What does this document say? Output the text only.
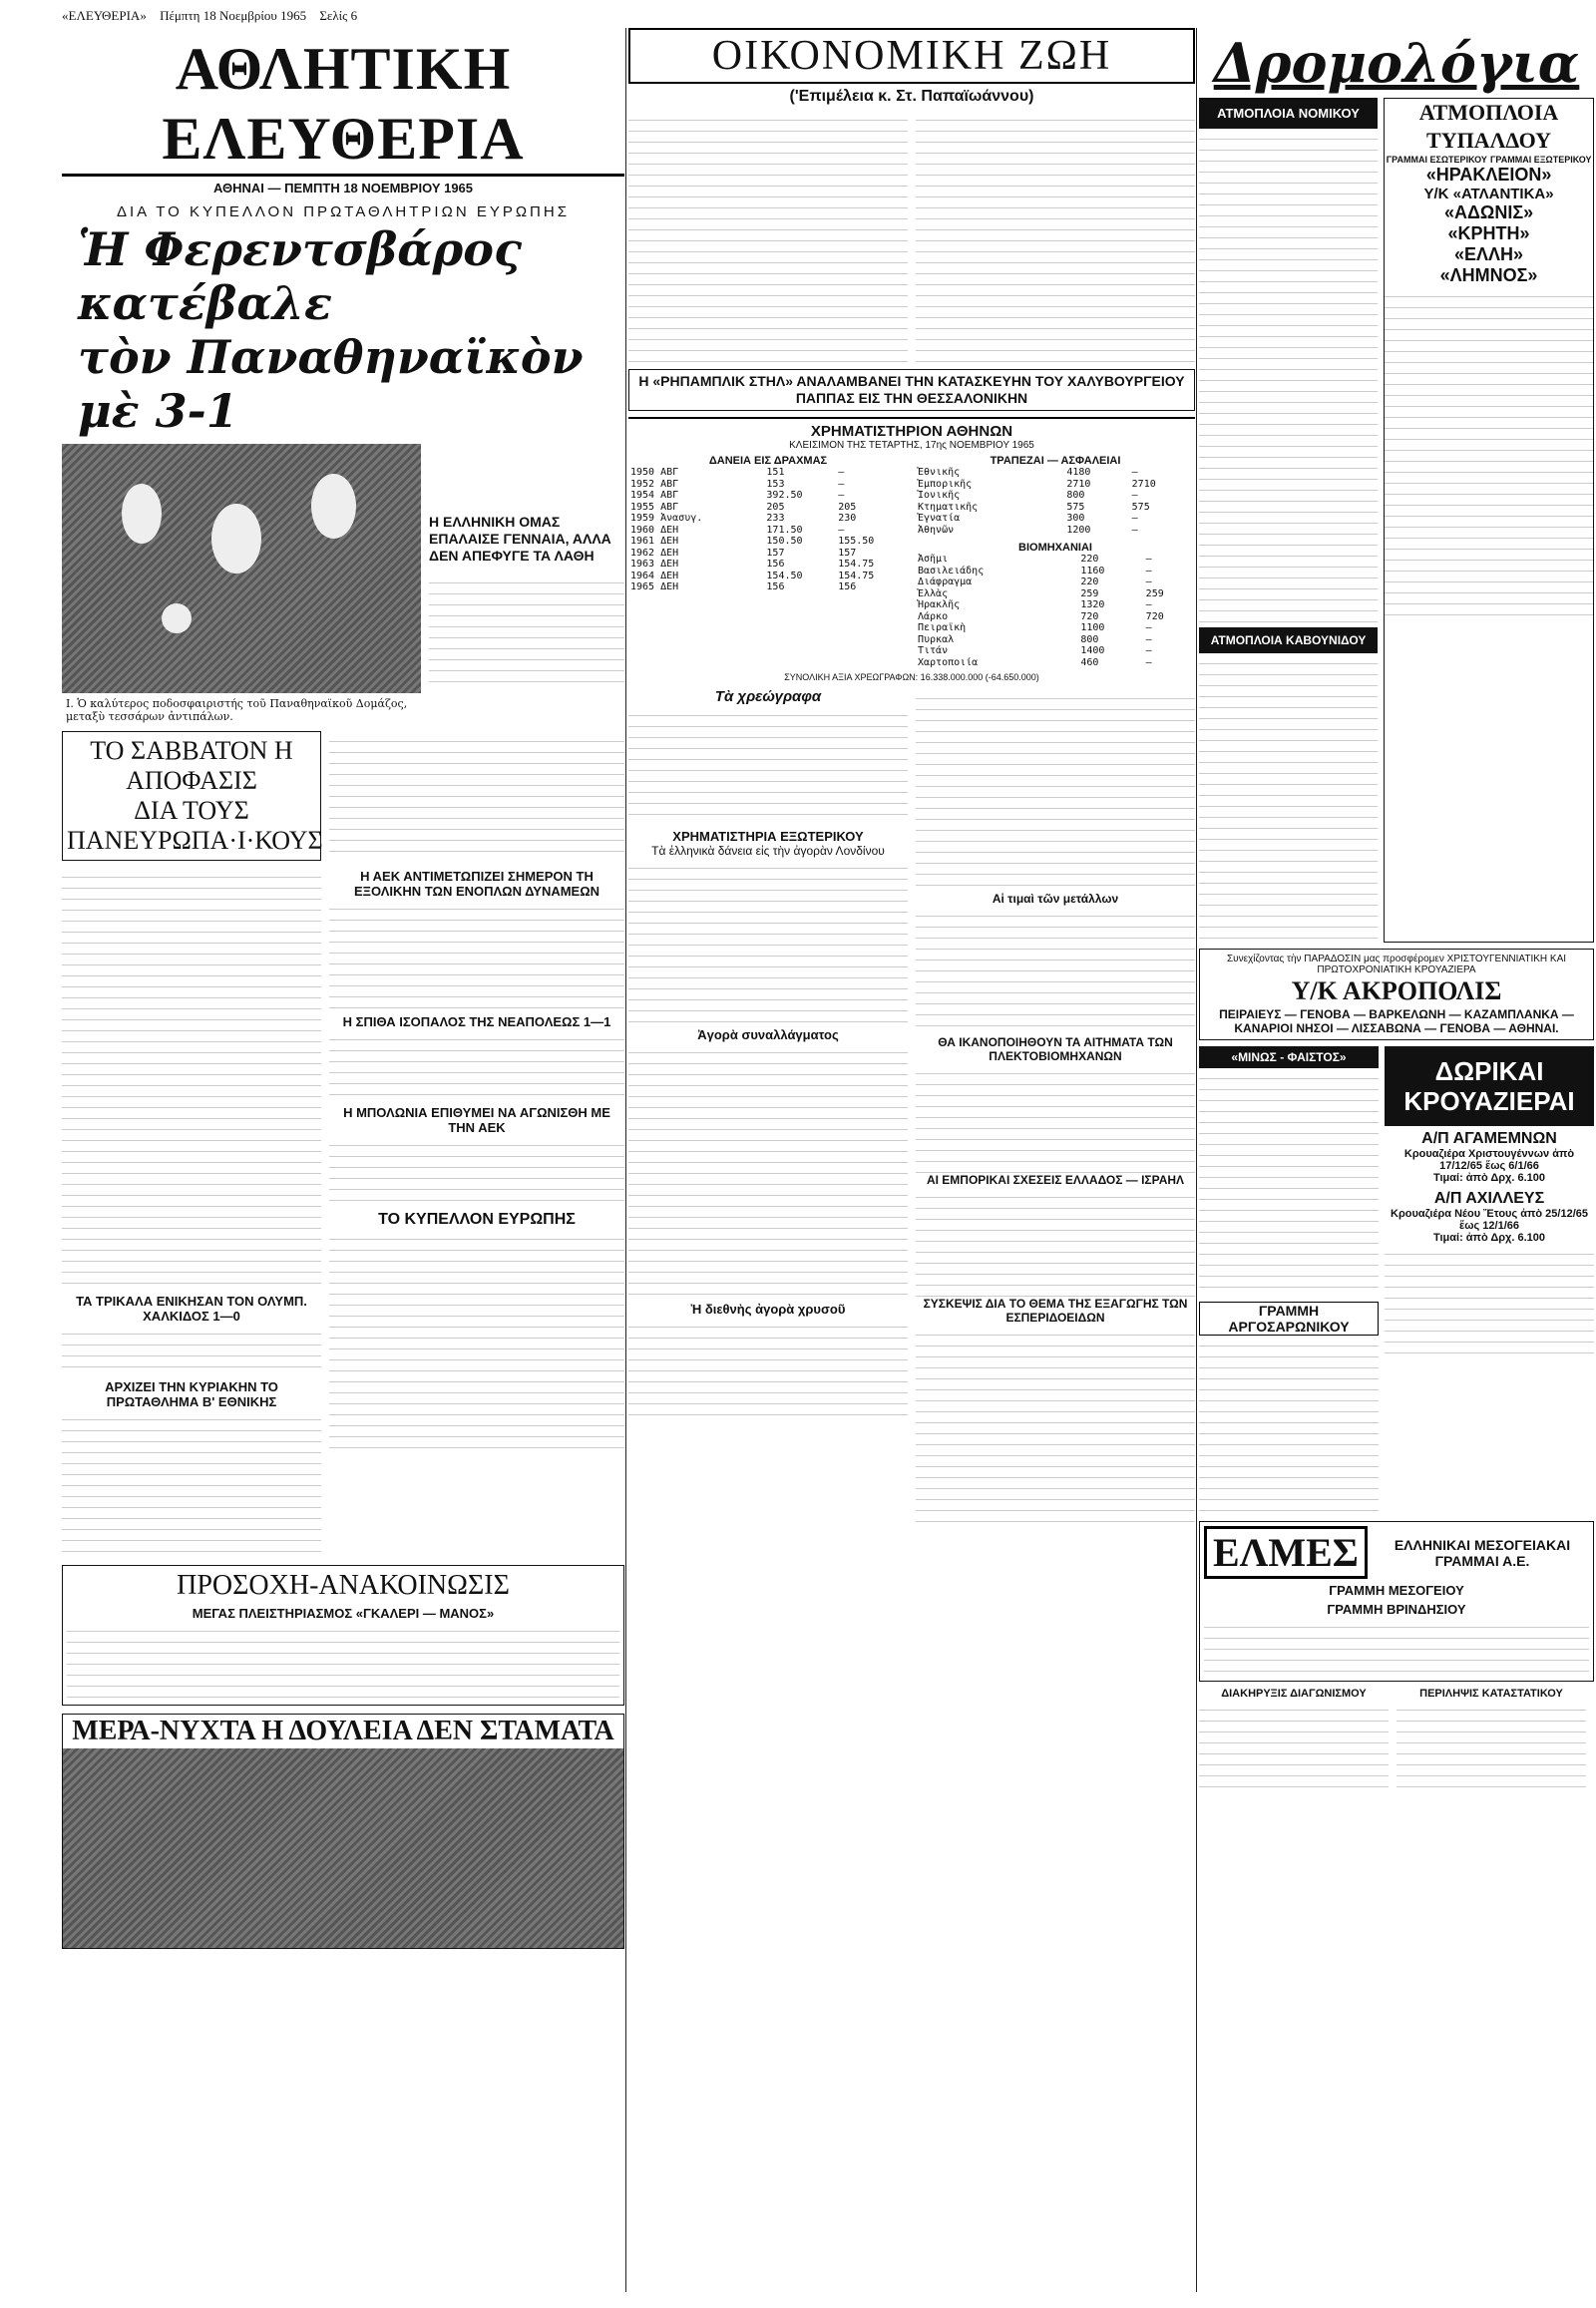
«ΕΛΕΥΘΕΡΙΑ» Πέμπτη 18 Νοεμβρίου 1965 Σελίς 6
ΑΘΛΗΤΙΚΗ ΕΛΕΥΘΕΡΙΑ
ΑΘΗΝΑΙ — ΠΕΜΠΤΗ 18 ΝΟΕΜΒΡΙΟΥ 1965
ΔΙΑ ΤΟ ΚΥΠΕΛΛΟΝ ΠΡΩΤΑΘΛΗΤΡΙΩΝ ΕΥΡΩΠΗΣ
Ἡ Φερεντσβάρος κατέβαλε
τὸν Παναθηναϊκὸν μὲ 3-1
Ι. Ὁ καλύτερος ποδοσφαιριστής τοῦ Παναθηναϊκοῦ Δομάζος, μεταξὺ τεσσάρων ἀντιπάλων.
Η ΕΛΛΗΝΙΚΗ ΟΜΑΣ ΕΠΑΛΑΙΣΕ ΓΕΝΝΑΙΑ, ΑΛΛΑ ΔΕΝ ΑΠΕΦΥΓΕ ΤΑ ΛΑΘΗ
ΤΟ ΣΑΒΒΑΤΟΝ Η ΑΠΟΦΑΣΙΣ
ΔΙΑ ΤΟΥΣ ΠΑΝΕΥΡΩΠΑ·Ι·ΚΟΥΣ
ΤΑ ΤΡΙΚΑΛΑ ΕΝΙΚΗΣΑΝ ΤΟΝ ΟΛΥΜΠ. ΧΑΛΚΙΔΟΣ 1—0
ΑΡΧΙΖΕΙ ΤΗΝ ΚΥΡΙΑΚΗΝ ΤΟ ΠΡΩΤΑΘΛΗΜΑ Β' ΕΘΝΙΚΗΣ
Η ΑΕΚ ΑΝΤΙΜΕΤΩΠΙΖΕΙ ΣΗΜΕΡΟΝ ΤΗ ΕΞΟΛΙΚΗΝ ΤΩΝ ΕΝΟΠΛΩΝ ΔΥΝΑΜΕΩΝ
Η ΣΠΙΘΑ ΙΣΟΠΑΛΟΣ ΤΗΣ ΝΕΑΠΟΛΕΩΣ 1—1
Η ΜΠΟΛΩΝΙΑ ΕΠΙΘΥΜΕΙ ΝΑ ΑΓΩΝΙΣΘΗ ΜΕ ΤΗΝ ΑΕΚ
ΤΟ ΚΥΠΕΛΛΟΝ ΕΥΡΩΠΗΣ
ΠΡΟΣΟΧΗ-ΑΝΑΚΟΙΝΩΣΙΣ
ΜΕΓΑΣ ΠΛΕΙΣΤΗΡΙΑΣΜΟΣ «ΓΚΑΛΕΡΙ — ΜΑΝΟΣ»
ΜΕΡΑ-ΝΥΧΤΑ Η ΔΟΥΛΕΙΑ ΔΕΝ ΣΤΑΜΑΤΑ
ΟΙΚΟΝΟΜΙΚΗ ΖΩΗ
('Επιμέλεια κ. Στ. Παπαϊωάννου)
Η «ΡΗΠΑΜΠΛΙΚ ΣΤΗΛ» ΑΝΑΛΑΜΒΑΝΕΙ ΤΗΝ ΚΑΤΑΣΚΕΥΗΝ ΤΟΥ ΧΑΛΥΒΟΥΡΓΕΙΟΥ ΠΑΠΠΑΣ ΕΙΣ ΤΗΝ ΘΕΣΣΑΛΟΝΙΚΗΝ
ΧΡΗΜΑΤΙΣΤΗΡΙΟΝ ΑΘΗΝΩΝ
ΚΛΕΙΣΙΜΟΝ ΤΗΣ ΤΕΤΑΡΤΗΣ, 17ης ΝΟΕΜΒΡΙΟΥ 1965
ΔΑΝΕΙΑ ΕΙΣ ΔΡΑΧΜΑΣ
1950 ΑΒΓ	151	—
1952 ΑΒΓ	153	—
1954 ΑΒΓ	392.50	—
1955 ΑΒΓ	205	205
1959 Ἀνασυγ.	233	230
1960 ΔΕΗ	171.50	—
1961 ΔΕΗ	150.50	155.50
1962 ΔΕΗ	157	157
1963 ΔΕΗ	156	154.75
1964 ΔΕΗ	154.50	154.75
1965 ΔΕΗ	156	156
ΤΡΑΠΕΖΑΙ — ΑΣΦΑΛΕΙΑΙ
Ἐθνικῆς	4180	—
Ἐμπορικῆς	2710	2710
Ἰονικῆς	800	—
Κτηματικῆς	575	575
Ἐγνατία	300	—
Ἀθηνῶν	1200	—
ΒΙΟΜΗΧΑΝΙΑΙ
Ἀσῆμι	220	—
Βασιλειάδης	1160	—
Διάφραγμα	220	—
Ἑλλὰς	259	259
Ἡρακλῆς	1320	—
Λάρκο	720	720
Πειραϊκὴ	1100	—
Πυρκαλ	800	—
Τιτάν	1400	—
Χαρτοποιία	460	—
ΣΥΝΟΛΙΚΗ ΑΞΙΑ ΧΡΕΩΓΡΑΦΩΝ: 16.338.000.000 (-64.650.000)
Τὰ χρεώγραφα
ΧΡΗΜΑΤΙΣΤΗΡΙΑ ΕΞΩΤΕΡΙΚΟΥ
Τὰ ἑλληνικὰ δάνεια εἰς τὴν ἀγορὰν Λονδίνου
Ἀγορὰ συναλλάγματος
Ἡ διεθνὴς ἀγορὰ χρυσοῦ
Αἱ τιμαὶ τῶν μετάλλων
ΘΑ ΙΚΑΝΟΠΟΙΗΘΟΥΝ ΤΑ ΑΙΤΗΜΑΤΑ ΤΩΝ ΠΛΕΚΤΟΒΙΟΜΗΧΑΝΩΝ
ΑΙ ΕΜΠΟΡΙΚΑΙ ΣΧΕΣΕΙΣ ΕΛΛΑΔΟΣ — ΙΣΡΑΗΛ
ΣΥΣΚΕΨΙΣ ΔΙΑ ΤΟ ΘΕΜΑ ΤΗΣ ΕΞΑΓΩΓΗΣ ΤΩΝ ΕΣΠΕΡΙΔΟΕΙΔΩΝ
Δρομολόγια
ΑΤΜΟΠΛΟΙΑ ΝΟΜΙΚΟΥ
ΑΤΜΟΠΛΟΙΑ ΚΑΒΟΥΝΙΔΟΥ
ΑΤΜΟΠΛΟΙΑ ΤΥΠΑΛΔΟΥ
ΓΡΑΜΜΑΙ ΕΣΩΤΕΡΙΚΟΥ ΓΡΑΜΜΑΙ ΕΞΩΤΕΡΙΚΟΥ
«ΗΡΑΚΛΕΙΟΝ»
Υ/Κ «ΑΤΛΑΝΤΙΚΑ»
«ΑΔΩΝΙΣ»
«ΚΡΗΤΗ»
«ΕΛΛΗ»
«ΛΗΜΝΟΣ»
Συνεχίζοντας τὴν ΠΑΡΑΔΟΣΙΝ μας προσφέρομεν ΧΡΙΣΤΟΥΓΕΝΝΙΑΤΙΚΗ ΚΑΙ ΠΡΩΤΟΧΡΟΝΙΑΤΙΚΗ ΚΡΟΥΑΖΙΕΡΑ
Υ/Κ ΑΚΡΟΠΟΛΙΣ
ΠΕΙΡΑΙΕΥΣ — ΓΕΝΟΒΑ — ΒΑΡΚΕΛΩΝΗ — ΚΑΖΑΜΠΛΑΝΚΑ — ΚΑΝΑΡΙΟΙ ΝΗΣΟΙ — ΛΙΣΣΑΒΩΝΑ — ΓΕΝΟΒΑ — ΑΘΗΝΑΙ.
«ΜΙΝΩΣ - ΦΑΙΣΤΟΣ»
ΓΡΑΜΜΗ ΑΡΓΟΣΑΡΩΝΙΚΟΥ
ΔΩΡΙΚΑΙ ΚΡΟΥΑΖΙΕΡΑΙ
Α/Π ΑΓΑΜΕΜΝΩΝ
Κρουαζιέρα Χριστουγέννων ἀπὸ 17/12/65 ἕως 6/1/66
Τιμαί: ἀπὸ Δρχ. 6.100
Α/Π ΑΧΙΛΛΕΥΣ
Κρουαζιέρα Νέου Ἔτους ἀπὸ 25/12/65 ἕως 12/1/66
Τιμαί: ἀπὸ Δρχ. 6.100
ΕΛΜΕΣ	ΕΛΛΗΝΙΚΑΙ ΜΕΣΟΓΕΙΑΚΑΙ ΓΡΑΜΜΑΙ Α.Ε.
ΓΡΑΜΜΗ ΜΕΣΟΓΕΙΟΥ
ΓΡΑΜΜΗ ΒΡΙΝΔΗΣΙΟΥ
ΔΙΑΚΗΡΥΞΙΣ ΔΙΑΓΩΝΙΣΜΟΥ	ΠΕΡΙΛΗΨΙΣ ΚΑΤΑΣΤΑΤΙΚΟΥ
